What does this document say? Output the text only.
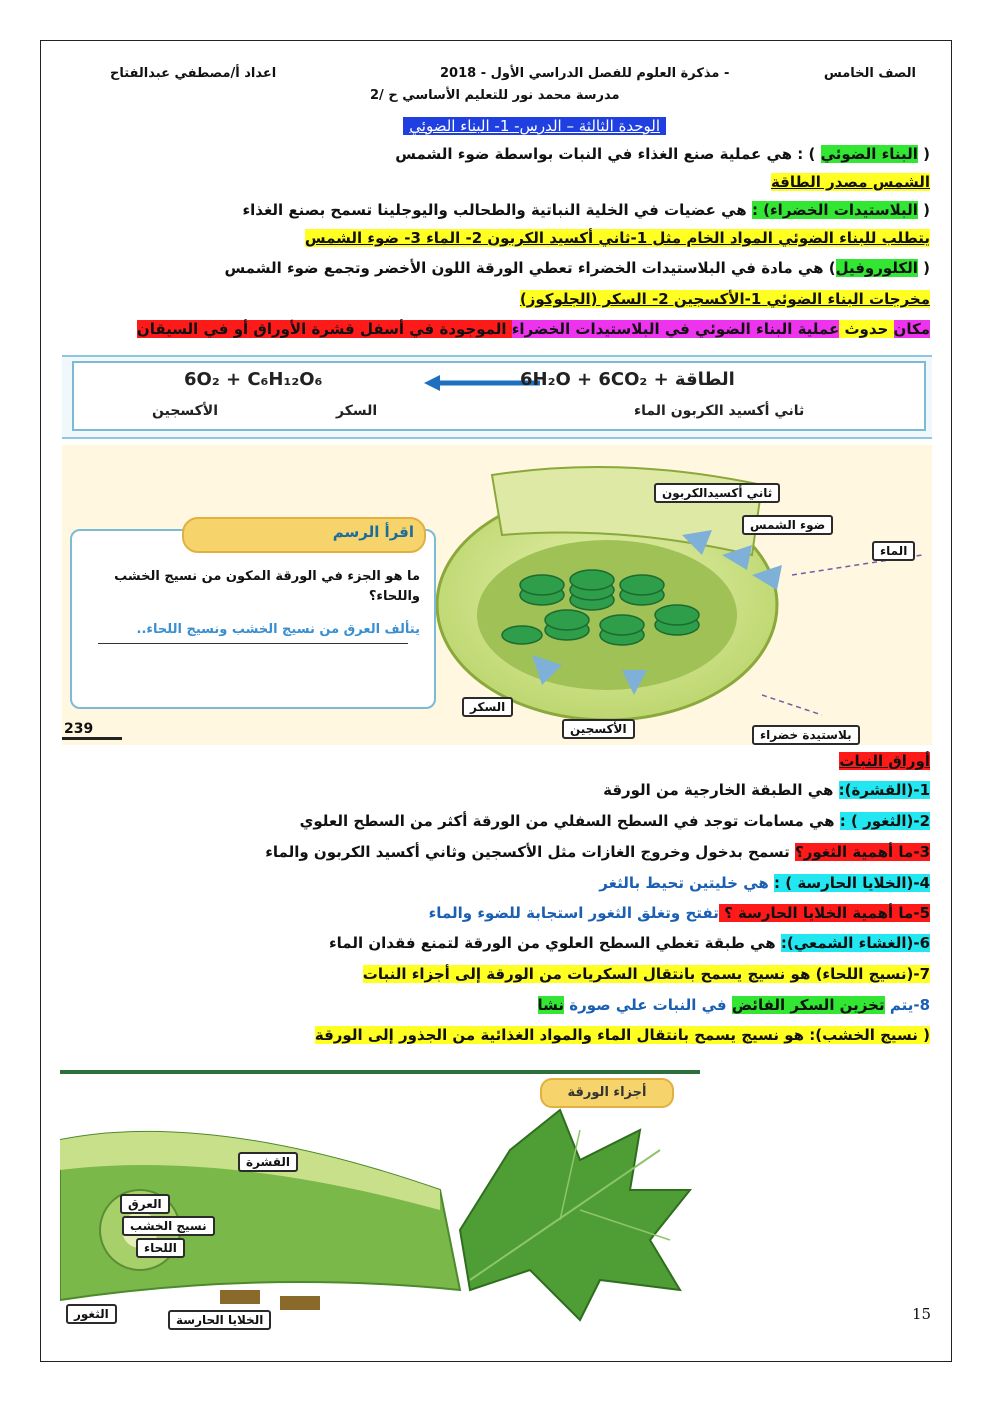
الصف الخامس
- مذكرة العلوم للفصل الدراسي الأول - 2018
اعداد أ/مصطفي عبدالفتاح
مدرسة محمد نور للتعليم الأساسي ح /2
الوحدة الثالثة – الدرس- 1- البناء الضوئي
( البناء الضوئي ) : هي عملية صنع الغذاء في النبات بواسطة ضوء الشمس
الشمس مصدر الطاقة
( البلاستيدات الخضراء) : هي عضيات في الخلية النباتية والطحالب واليوجلينا تسمح بصنع الغذاء
يتطلب للبناء الضوئي المواد الخام مثل 1-ثاني أكسيد الكربون 2- الماء 3- ضوء الشمس
( الكلوروفيل) هي مادة في البلاستيدات الخضراء تعطي الورقة اللون الأخضر وتجمع ضوء الشمس
مخرجات البناء الضوئي 1-الأكسجين 2- السكر (الجلوكوز)
مكان حدوث عملية البناء الضوئي في البلاستيدات الخضراء الموجودة في أسفل قشرة الأوراق أو في السيقان
6O₂ + C₆H₁₂O₆	الطاقة + 6H₂O + 6CO₂
الأكسجين	السكر	ثاني أكسيد الكربون الماء
اقرأ الرسم
ما هو الجزء في الورقة المكون من نسيج الخشب واللحاء؟
يتألف العرق من نسيج الخشب ونسيج اللحاء..
239
ثاني أكسيدالكربون
ضوء الشمس
الماء
السكر
الأكسجين	بلاستيدة خضراء
أوراق النبات
1-(القشرة): هي الطبقة الخارجية من الورقة
2-(الثغور ) : هي مسامات توجد في السطح السفلي من الورقة أكثر من السطح العلوي
3-ما أهمية الثغور؟ تسمح بدخول وخروج الغازات مثل الأكسجين وثاني أكسيد الكربون والماء
4-(الخلايا الحارسة ) : هي خليتين تحيط بالثغر
5-ما أهمية الخلايا الحارسة ؟ تفتح وتغلق الثغور استجابة للضوء والماء
6-(الغشاء الشمعي): هي طبقة تغطي السطح العلوي من الورقة لتمنع فقدان الماء
7-(نسيج اللحاء) هو نسيج يسمح بانتقال السكريات من الورقة إلى أجزاء النبات
8-يتم تخزين السكر الفائض في النبات علي صورة نشا
( نسيج الخشب): هو نسيج يسمح بانتقال الماء والمواد الغذائية من الجذور إلى الورقة
أجزاء الورقة
القشرة
العرق
نسيج الخشب
اللحاء
الثغور	الخلايا الحارسة	15
